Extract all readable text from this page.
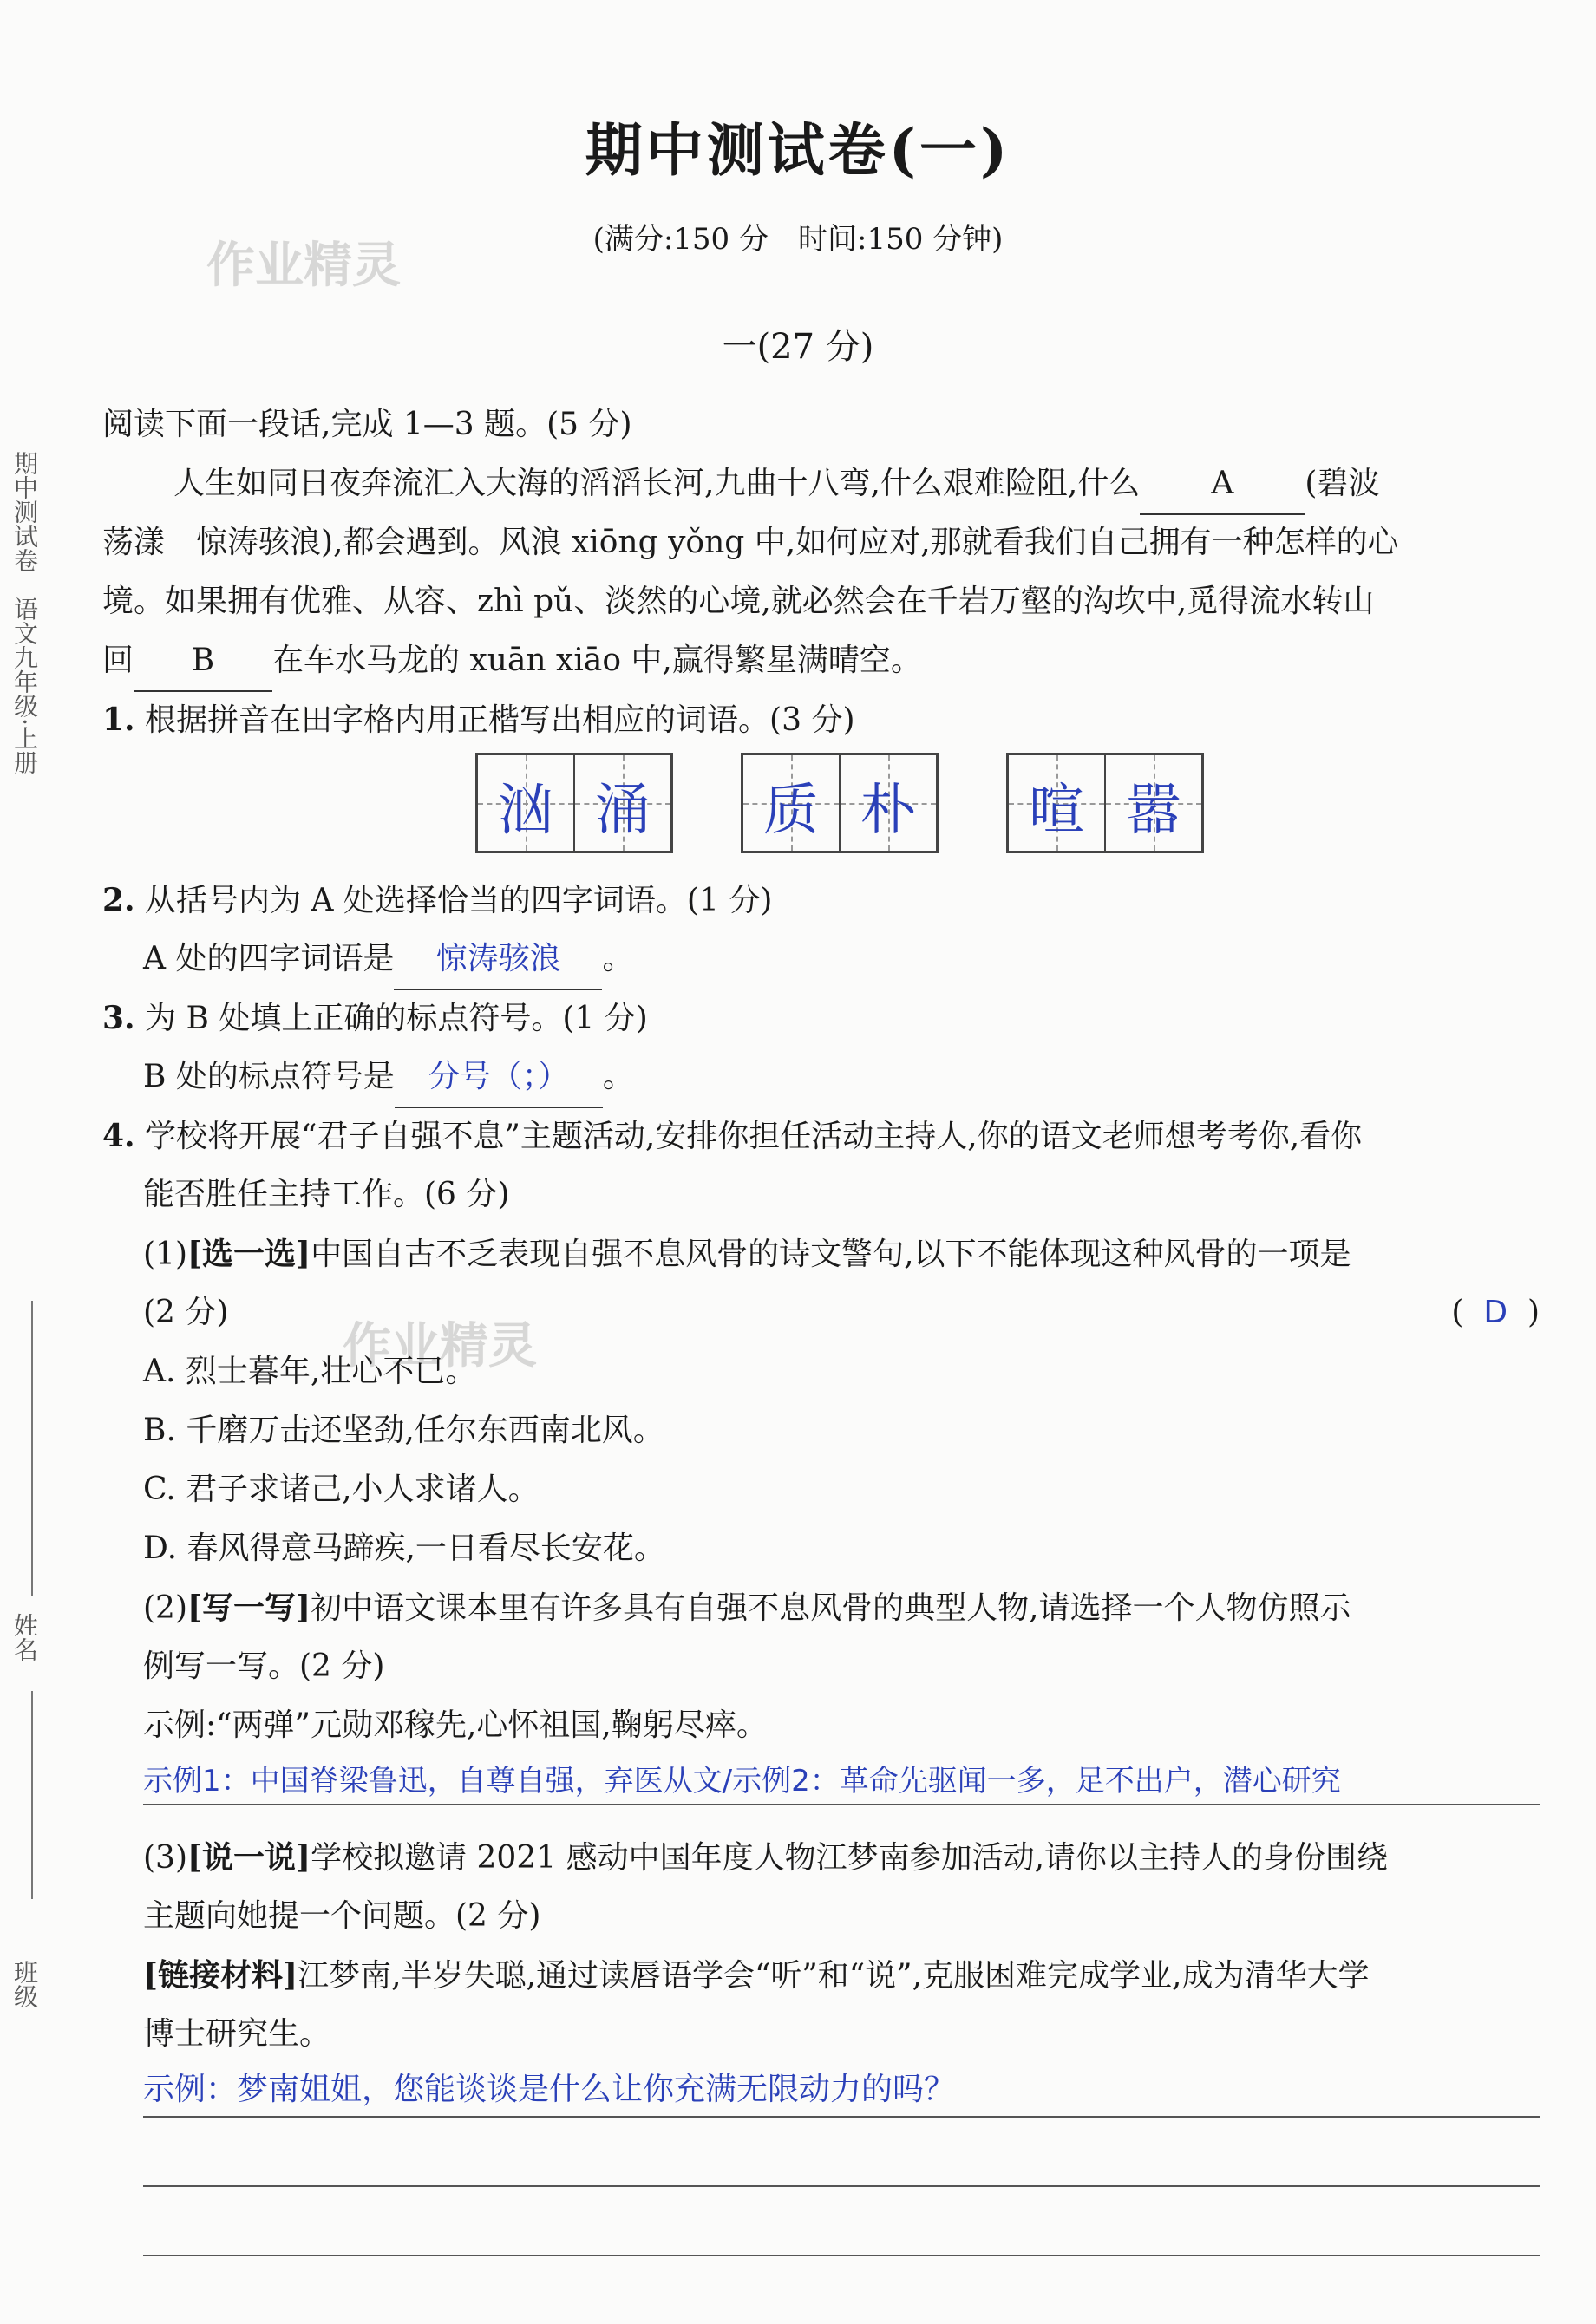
作业精灵
作业精灵
期中测试卷　语文九年级·上册
姓名
班级
期中测试卷(一)
(满分:150 分　时间:150 分钟)
一(27 分)
阅读下面一段话,完成 1—3 题。(5 分)
人生如同日夜奔流汇入大海的滔滔长河,九曲十八弯,什么艰难险阻,什么 A (碧波
荡漾　惊涛骇浪),都会遇到。风浪 xiōng yǒng 中,如何应对,那就看我们自己拥有一种怎样的心
境。如果拥有优雅、从容、zhì pǔ、淡然的心境,就必然会在千岩万壑的沟坎中,觅得流水转山
回 B 在车水马龙的 xuān xiāo 中,赢得繁星满晴空。
1. 根据拼音在田字格内用正楷写出相应的词语。(3 分)
汹 涌	质 朴	喧 嚣
2. 从括号内为 A 处选择恰当的四字词语。(1 分)
A 处的四字词语是 惊涛骇浪 。
3. 为 B 处填上正确的标点符号。(1 分)
B 处的标点符号是 分号（；） 。
4. 学校将开展“君子自强不息”主题活动,安排你担任活动主持人,你的语文老师想考考你,看你
能否胜任主持工作。(6 分)
(1)[选一选]中国自古不乏表现自强不息风骨的诗文警句,以下不能体现这种风骨的一项是
(2 分)	( D )
A. 烈士暮年,壮心不已。
B. 千磨万击还坚劲,任尔东西南北风。
C. 君子求诸己,小人求诸人。
D. 春风得意马蹄疾,一日看尽长安花。
(2)[写一写]初中语文课本里有许多具有自强不息风骨的典型人物,请选择一个人物仿照示
例写一写。(2 分)
示例:“两弹”元勋邓稼先,心怀祖国,鞠躬尽瘁。
示例1：中国脊梁鲁迅，自尊自强，弃医从文/示例2：革命先驱闻一多，足不出户，潜心研究
(3)[说一说]学校拟邀请 2021 感动中国年度人物江梦南参加活动,请你以主持人的身份围绕
主题向她提一个问题。(2 分)
[链接材料]江梦南,半岁失聪,通过读唇语学会“听”和“说”,克服困难完成学业,成为清华大学
博士研究生。
示例：梦南姐姐，您能谈谈是什么让你充满无限动力的吗？
